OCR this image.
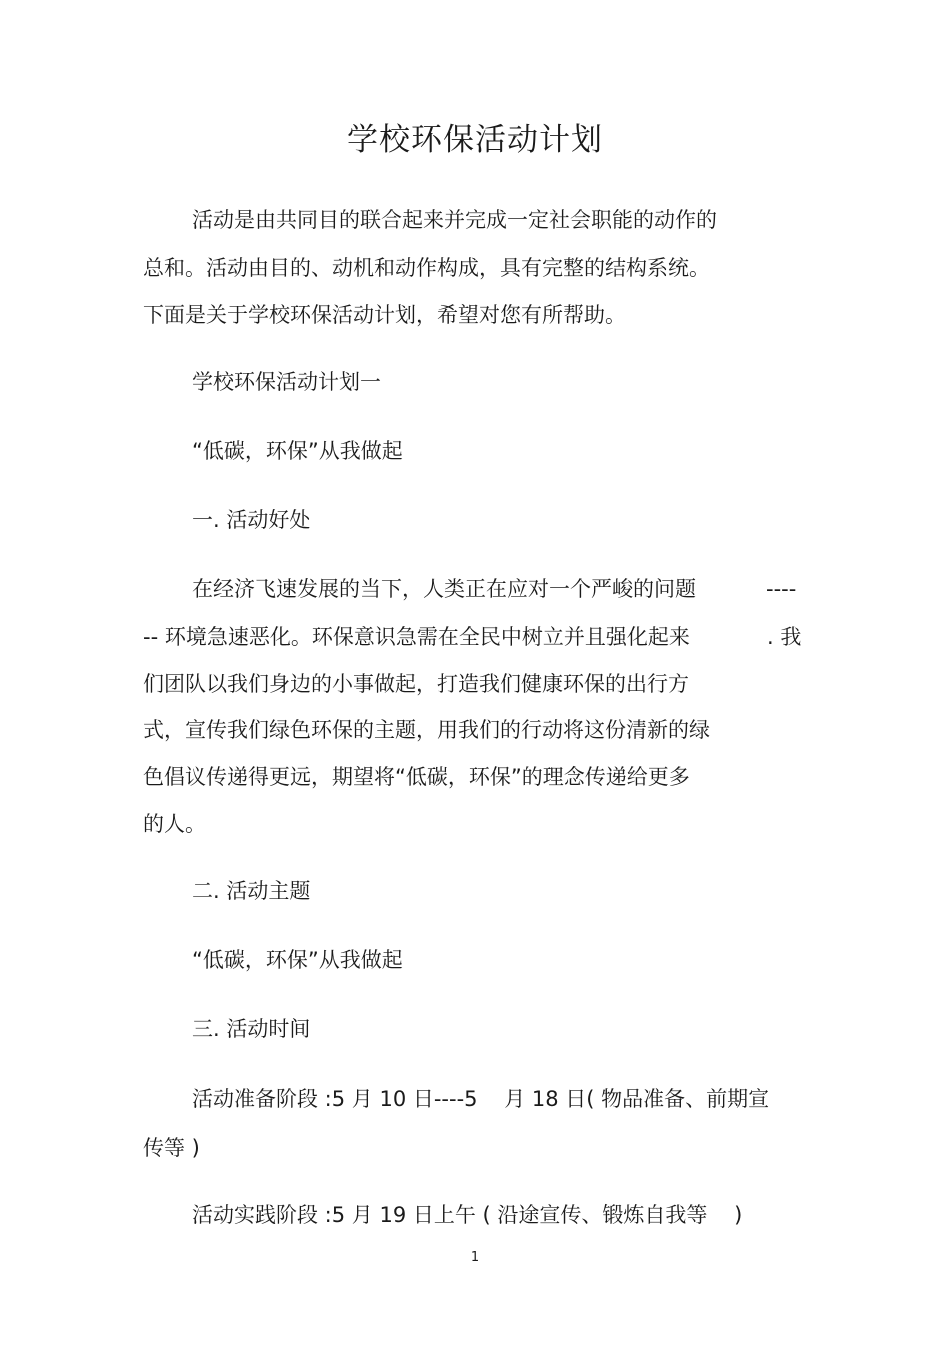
学校环保活动计划
活动是由共同目的联合起来并完成一定社会职能的动作的
总和。活动由目的、动机和动作构成，具有完整的结构系统。
下面是关于学校环保活动计划，希望对您有所帮助。
学校环保活动计划一
“低碳，环保”从我做起
一. 活动好处
在经济飞速发展的当下，人类正在应对一个严峻的问题	----
-- 环境急速恶化。环保意识急需在全民中树立并且强化起来	. 我
们团队以我们身边的小事做起，打造我们健康环保的出行方
式，宣传我们绿色环保的主题，用我们的行动将这份清新的绿
色倡议传递得更远，期望将“低碳，环保”的理念传递给更多
的人。
二. 活动主题
“低碳，环保”从我做起
三. 活动时间
活动准备阶段 :5 月 10 日----5    月 18 日( 物品准备、前期宣
传等 )
活动实践阶段 :5 月 19 日上午 ( 沿途宣传、锻炼自我等    )
1
